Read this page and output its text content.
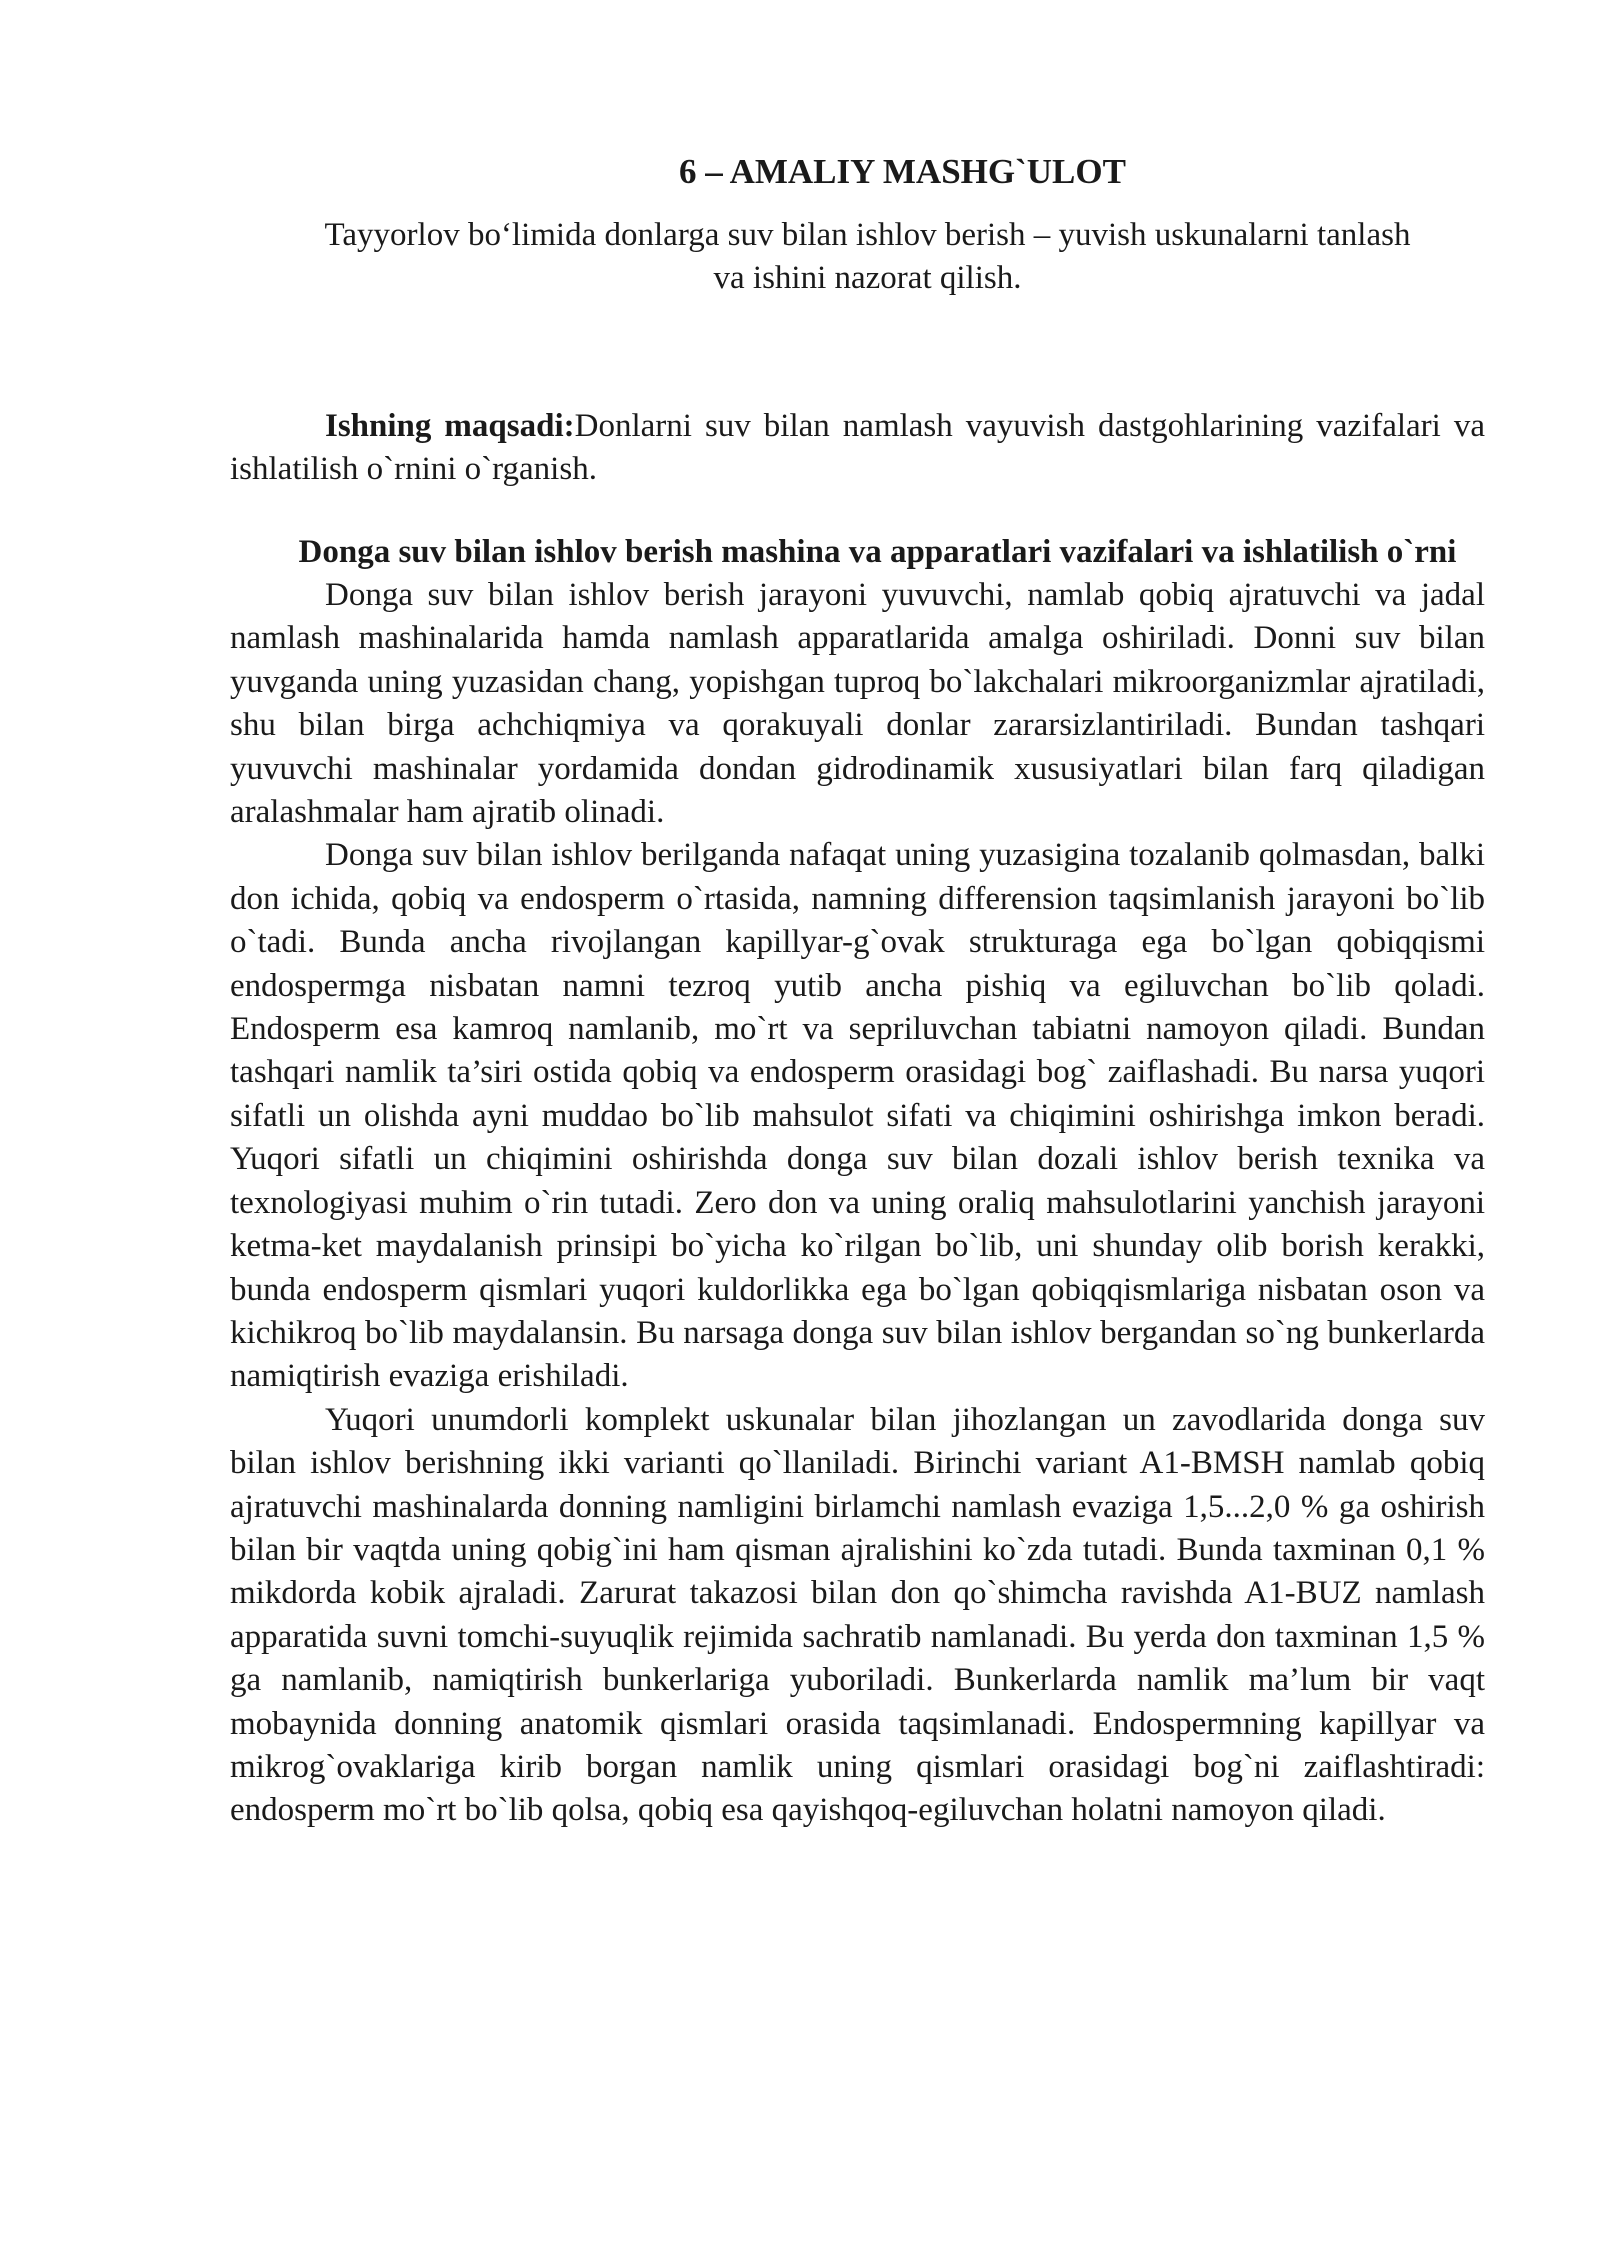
6 – AMALIY MASHG`ULOT
Tayyorlov bo‘limida donlarga suv bilan ishlov berish – yuvish uskunalarni tanlash va ishini nazorat qilish.

Ishning maqsadi:Donlarni suv bilan namlash vayuvish dastgohlarining vazifalari va ishlatilish o`rnini o`rganish.

Donga suv bilan ishlov berish mashina va apparatlari vazifalari va ishlatilish o`rni

Donga suv bilan ishlov berish jarayoni yuvuvchi, namlab qobiq ajratuvchi va jadal namlash mashinalarida hamda namlash apparatlarida amalga oshiriladi. Donni suv bilan yuvganda uning yuzasidan chang, yopishgan tuproq bo`lakchalari mikroorganizmlar ajratiladi, shu bilan birga achchiqmiya va qorakuyali donlar zararsizlantiriladi. Bundan tashqari yuvuvchi mashinalar yordamida dondan gidrodinamik xususiyatlari bilan farq qiladigan aralashmalar ham ajratib olinadi.

Donga suv bilan ishlov berilganda nafaqat uning yuzasigina tozalanib qolmasdan, balki don ichida, qobiq va endosperm o`rtasida, namning differension taqsimlanish jarayoni bo`lib o`tadi. Bunda ancha rivojlangan kapillyar-g`ovak strukturaga ega bo`lgan qobiqqismi endospermga nisbatan namni tezroq yutib ancha pishiq va egiluvchan bo`lib qoladi. Endosperm esa kamroq namlanib, mo`rt va sepriluvchan tabiatni namoyon qiladi. Bundan tashqari namlik ta’siri ostida qobiq va endosperm orasidagi bog` zaiflashadi. Bu narsa yuqori sifatli un olishda ayni muddao bo`lib mahsulot sifati va chiqimini oshirishga imkon beradi. Yuqori sifatli un chiqimini oshirishda donga suv bilan dozali ishlov berish texnika va texnologiyasi muhim o`rin tutadi. Zero don va uning oraliq mahsulotlarini yanchish jarayoni ketma-ket maydalanish prinsipi bo`yicha ko`rilgan bo`lib, uni shunday olib borish kerakki, bunda endosperm qismlari yuqori kuldorlikka ega bo`lgan qobiqqismlariga nisbatan oson va kichikroq bo`lib maydalansin. Bu narsaga donga suv bilan ishlov bergandan so`ng bunkerlarda namiqtirish evaziga erishiladi.

Yuqori unumdorli komplekt uskunalar bilan jihozlangan un zavodlarida donga suv bilan ishlov berishning ikki varianti qo`llaniladi. Birinchi variant A1-BMSH namlab qobiq ajratuvchi mashinalarda donning namligini birlamchi namlash evaziga 1,5...2,0 % ga oshirish bilan bir vaqtda uning qobig`ini ham qisman ajralishini ko`zda tutadi. Bunda taxminan 0,1 % mikdorda kobik ajraladi. Zarurat takazosi bilan don qo`shimcha ravishda A1-BUZ namlash apparatida suvni tomchi-suyuqlik rejimida sachratib namlanadi. Bu yerda don taxminan 1,5 % ga namlanib, namiqtirish bunkerlariga yuboriladi. Bunkerlarda namlik ma’lum bir vaqt mobaynida donning anatomik qismlari orasida taqsimlanadi. Endospermning kapillyar va mikrog`ovaklariga kirib borgan namlik uning qismlari orasidagi bog`ni zaiflashtiradi: endosperm mo`rt bo`lib qolsa, qobiq esa qayishqoq-egiluvchan holatni namoyon qiladi.
